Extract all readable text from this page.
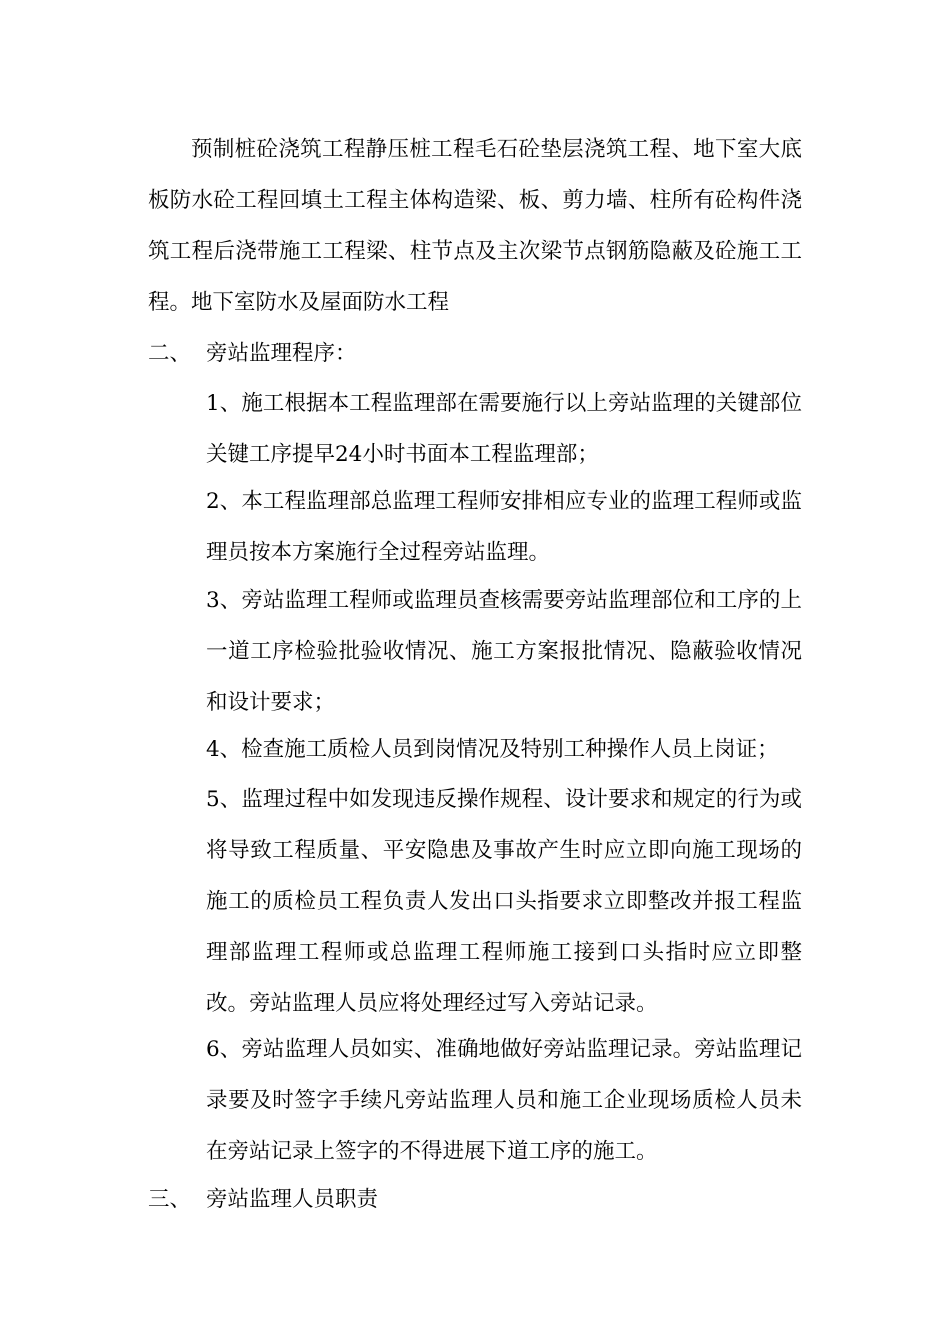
预制桩砼浇筑工程静压桩工程毛石砼垫层浇筑工程、地下室大底板防水砼工程回填土工程主体构造梁、板、剪力墙、柱所有砼构件浇筑工程后浇带施工工程梁、柱节点及主次梁节点钢筋隐蔽及砼施工工程。地下室防水及屋面防水工程

二、 旁站监理程序：

1、施工根据本工程监理部在需要施行以上旁站监理的关键部位关键工序提早24小时书面本工程监理部；

2、本工程监理部总监理工程师安排相应专业的监理工程师或监理员按本方案施行全过程旁站监理。

3、旁站监理工程师或监理员查核需要旁站监理部位和工序的上一道工序检验批验收情况、施工方案报批情况、隐蔽验收情况和设计要求；

4、检查施工质检人员到岗情况及特别工种操作人员上岗证；

5、监理过程中如发现违反操作规程、设计要求和规定的行为或将导致工程质量、平安隐患及事故产生时应立即向施工现场的施工的质检员工程负责人发出口头指要求立即整改并报工程监理部监理工程师或总监理工程师施工接到口头指时应立即整改。旁站监理人员应将处理经过写入旁站记录。

6、旁站监理人员如实、准确地做好旁站监理记录。旁站监理记录要及时签字手续凡旁站监理人员和施工企业现场质检人员未在旁站记录上签字的不得进展下道工序的施工。

三、 旁站监理人员职责
